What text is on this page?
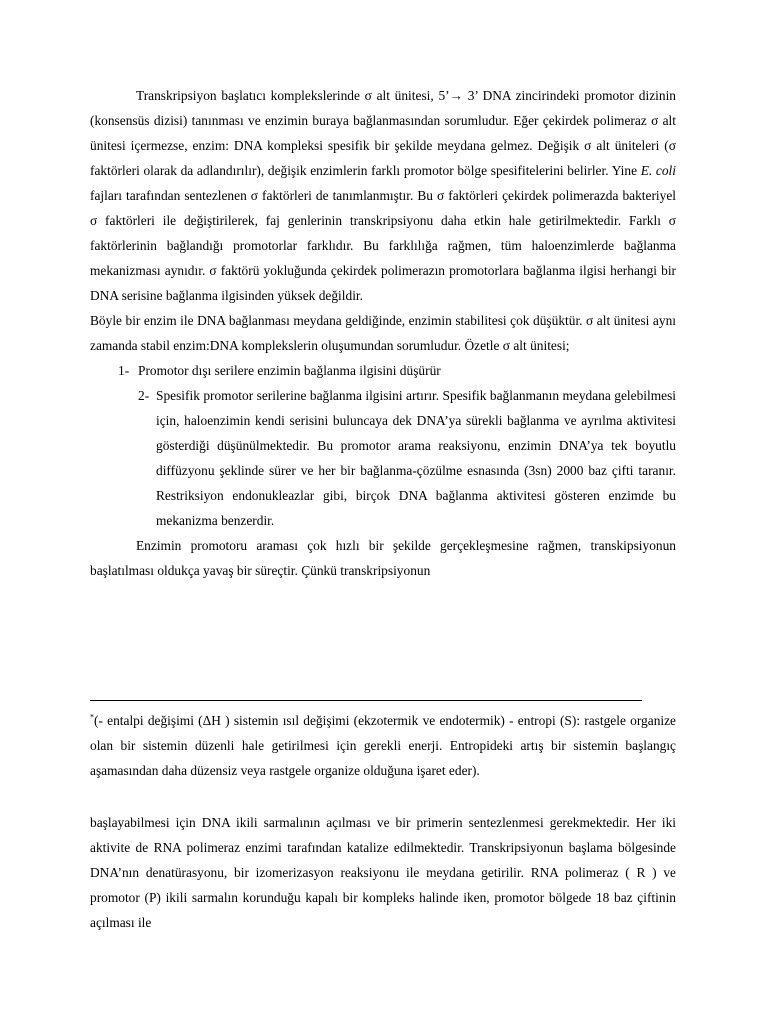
Transkripsiyon başlatıcı komplekslerinde σ alt ünitesi, 5’→ 3’ DNA zincirindeki promotor dizinin (konsensüs dizisi) tanınması ve enzimin buraya bağlanmasından sorumludur. Eğer çekirdek polimeraz σ alt ünitesi içermezse, enzim: DNA kompleksi spesifik bir şekilde meydana gelmez. Değişik σ alt üniteleri (σ faktörleri olarak da adlandırılır), değişik enzimlerin farklı promotor bölge spesifitelerini belirler. Yine E. coli fajları tarafından sentezlenen σ faktörleri de tanımlanmıştır. Bu σ faktörleri çekirdek polimerazda bakteriyel σ faktörleri ile değiştirilerek, faj genlerinin transkripsiyonu daha etkin hale getirilmektedir. Farklı σ faktörlerinin bağlandığı promotorlar farklıdır. Bu farklılığa rağmen, tüm haloenzimlerde bağlanma mekanizması aynıdır. σ faktörü yokluğunda çekirdek polimerazın promotorlara bağlanma ilgisi herhangi bir DNA serisine bağlanma ilgisinden yüksek değildir.

Böyle bir enzim ile DNA bağlanması meydana geldiğinde, enzimin stabilitesi çok düşüktür. σ alt ünitesi aynı zamanda stabil enzim:DNA komplekslerin oluşumundan sorumludur. Özetle σ alt ünitesi;

1- Promotor dışı serilere enzimin bağlanma ilgisini düşürür

2- Spesifik promotor serilerine bağlanma ilgisini artırır. Spesifik bağlanmanın meydana gelebilmesi için, haloenzimin kendi serisini buluncaya dek DNA’ya sürekli bağlanma ve ayrılma aktivitesi gösterdiği düşünülmektedir. Bu promotor arama reaksiyonu, enzimin DNA’ya tek boyutlu diffüzyonu şeklinde sürer ve her bir bağlanma-çözülme esnasında (3sn) 2000 baz çifti taranır. Restriksiyon endonukleazlar gibi, birçok DNA bağlanma aktivitesi gösteren enzimde bu mekanizma benzerdir.

Enzimin promotoru araması çok hızlı bir şekilde gerçekleşmesine rağmen, transkipsiyonun başlatılması oldukça yavaş bir süreçtir. Çünkü transkripsiyonun

*(- entalpi değişimi (ΔH ) sistemin ısıl değişimi (ekzotermik ve endotermik) - entropi (S): rastgele organize olan bir sistemin düzenli hale getirilmesi için gerekli enerji. Entropideki artış bir sistemin başlangıç aşamasından daha düzensiz veya rastgele organize olduğuna işaret eder).
başlayabilmesi için DNA ikili sarmalının açılması ve bir primerin sentezlenmesi gerekmektedir. Her iki aktivite de RNA polimeraz enzimi tarafından katalize edilmektedir. Transkripsiyonun başlama bölgesinde DNA’nın denatürasyonu, bir izomerizasyon reaksiyonu ile meydana getirilir. RNA polimeraz ( R ) ve promotor (P) ikili sarmalın korunduğu kapalı bir kompleks halinde iken, promotor bölgede 18 baz çiftinin açılması ile
